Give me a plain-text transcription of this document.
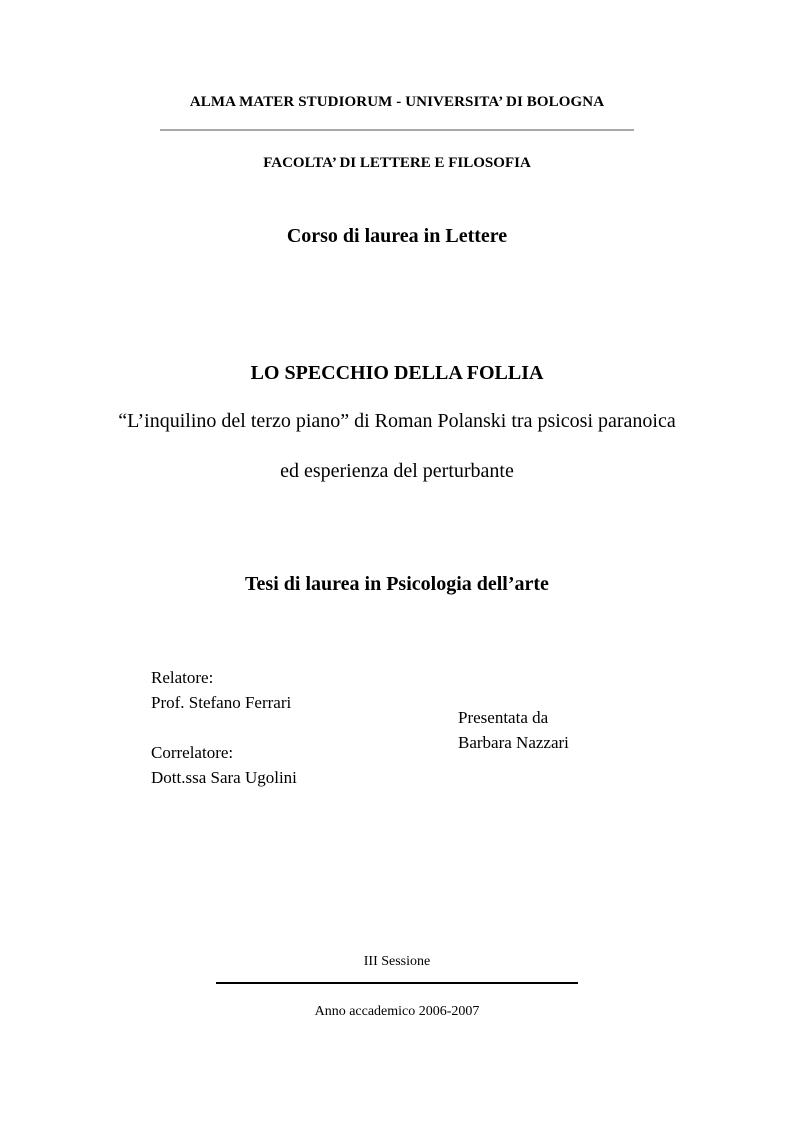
ALMA MATER STUDIORUM - UNIVERSITA’ DI BOLOGNA
FACOLTA’ DI LETTERE E FILOSOFIA
Corso di laurea in Lettere
LO SPECCHIO DELLA FOLLIA
“L’inquilino del terzo piano” di Roman Polanski tra psicosi paranoica
ed esperienza del perturbante
Tesi di laurea in Psicologia dell’arte
Relatore:
Prof. Stefano Ferrari
Correlatore:
Dott.ssa Sara Ugolini
Presentata da
Barbara Nazzari
III Sessione
Anno accademico 2006-2007
